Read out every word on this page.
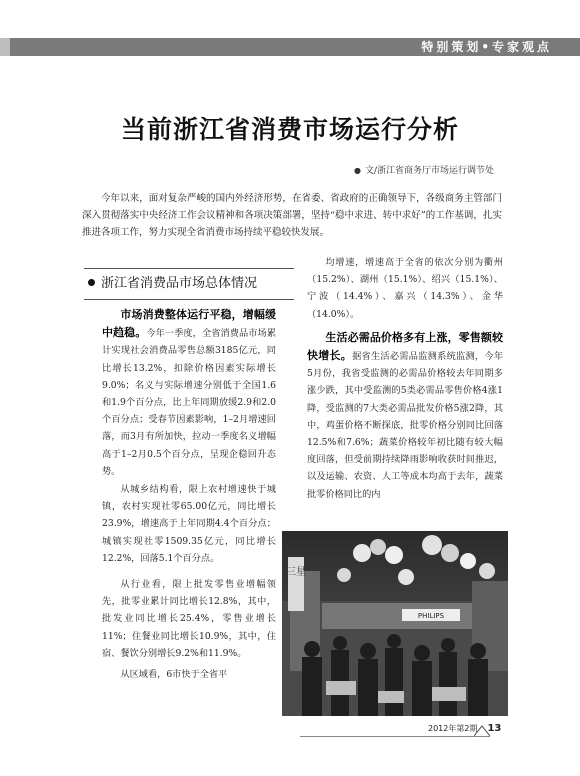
特别策划•专家观点
当前浙江省消费市场运行分析
● 文/浙江省商务厅市场运行调节处
今年以来，面对复杂严峻的国内外经济形势，在省委、省政府的正确领导下，各级商务主管部门深入贯彻落实中央经济工作会议精神和各项决策部署，坚持“稳中求进、转中求好”的工作基调，扎实推进各项工作，努力实现全省消费市场持续平稳较快发展。
浙江省消费品市场总体情况

市场消费整体运行平稳，增幅缓中趋稳。今年一季度，全省消费品市场累计实现社会消费品零售总额3185亿元，同比增长13.2%，扣除价格因素实际增长9.0%；名义与实际增速分别低于全国1.6和1.9个百分点，比上年同期放缓2.9和2.0个百分点；受春节因素影响，1–2月增速回落，而3月有所加快，拉动一季度名义增幅高于1–2月0.5个百分点，呈现企稳回升态势。

从城乡结构看，限上农村增速快于城镇，农村实现社零65.00亿元，同比增长23.9%，增速高于上年同期4.4个百分点；城镇实现社零1509.35亿元，同比增长12.2%，回落5.1个百分点。

从行业看，限上批发零售业增幅领先，批零业累计同比增长12.8%，其中，批发业同比增长25.4%，零售业增长11%；住餐业同比增长10.9%，其中，住宿、餐饮分别增长9.2%和11.9%。

从区域看，6市快于全省平

均增速，增速高于全省的依次分别为衢州（15.2%）、湖州（15.1%）、绍兴（15.1%）、宁波（14.4%）、嘉兴（14.3%）、金华（14.0%）。

生活必需品价格多有上涨，零售额较快增长。据省生活必需品监测系统监测，今年5月份，我省受监测的必需品价格较去年同期多涨少跌，其中受监测的5类必需品零售价格4涨1降，受监测的7大类必需品批发价格5涨2降，其中，鸡蛋价格不断探底，批零价格分别同比回落12.5%和7.6%；蔬菜价格较年初比随有较大幅度回落，但受前期持续降雨影响收获时间推迟，以及运输、农资、人工等成本均高于去年，蔬菜批零价格同比的内

三星
PHILIPS
2012年第2期 13
